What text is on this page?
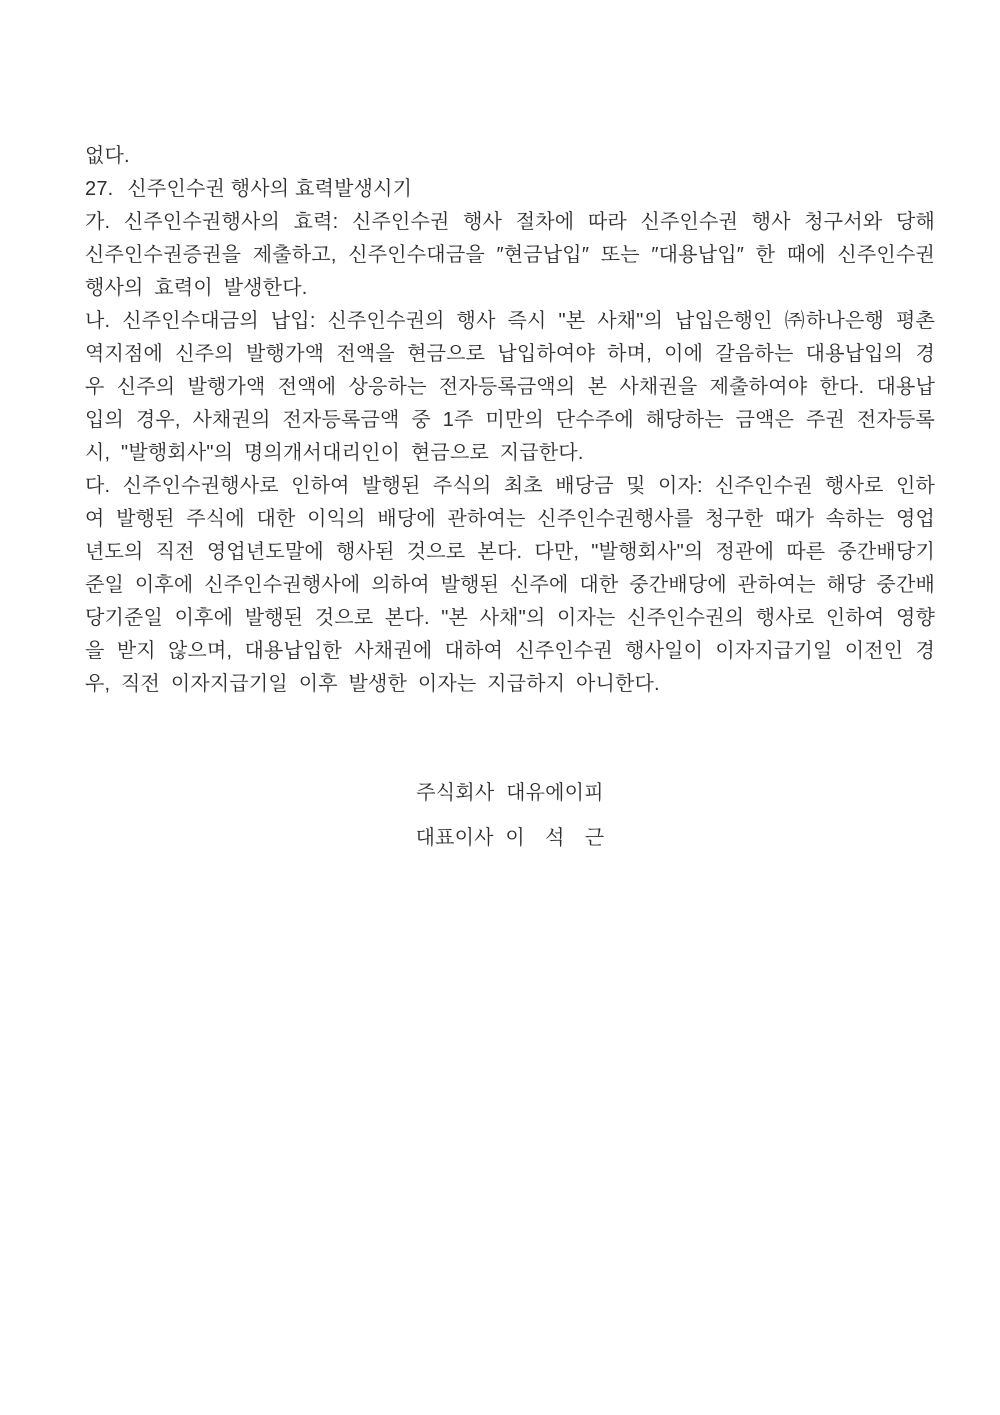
없다.

27. 신주인수권 행사의 효력발생시기

가. 신주인수권행사의 효력: 신주인수권 행사 절차에 따라 신주인수권 행사 청구서와 당해 신주인수권증권을 제출하고, 신주인수대금을 ″현금납입″ 또는 ″대용납입″ 한 때에 신주인수권행사의 효력이 발생한다.

나. 신주인수대금의 납입: 신주인수권의 행사 즉시 "본 사채"의 납입은행인 ㈜하나은행 평촌역지점에 신주의 발행가액 전액을 현금으로 납입하여야 하며, 이에 갈음하는 대용납입의 경우 신주의 발행가액 전액에 상응하는 전자등록금액의 본 사채권을 제출하여야 한다. 대용납입의 경우, 사채권의 전자등록금액 중 1주 미만의 단수주에 해당하는 금액은 주권 전자등록 시, "발행회사"의 명의개서대리인이 현금으로 지급한다.

다. 신주인수권행사로 인하여 발행된 주식의 최초 배당금 및 이자: 신주인수권 행사로 인하여 발행된 주식에 대한 이익의 배당에 관하여는 신주인수권행사를 청구한 때가 속하는 영업년도의 직전 영업년도말에 행사된 것으로 본다. 다만, "발행회사"의 정관에 따른 중간배당기준일 이후에 신주인수권행사에 의하여 발행된 신주에 대한 중간배당에 관하여는 해당 중간배당기준일 이후에 발행된 것으로 본다. "본 사채"의 이자는 신주인수권의 행사로 인하여 영향을 받지 않으며, 대용납입한 사채권에 대하여 신주인수권 행사일이 이자지급기일 이전인 경우, 직전 이자지급기일 이후 발생한 이자는 지급하지 아니한다.

주식회사 대유에이피

대표이사 이　석　근
